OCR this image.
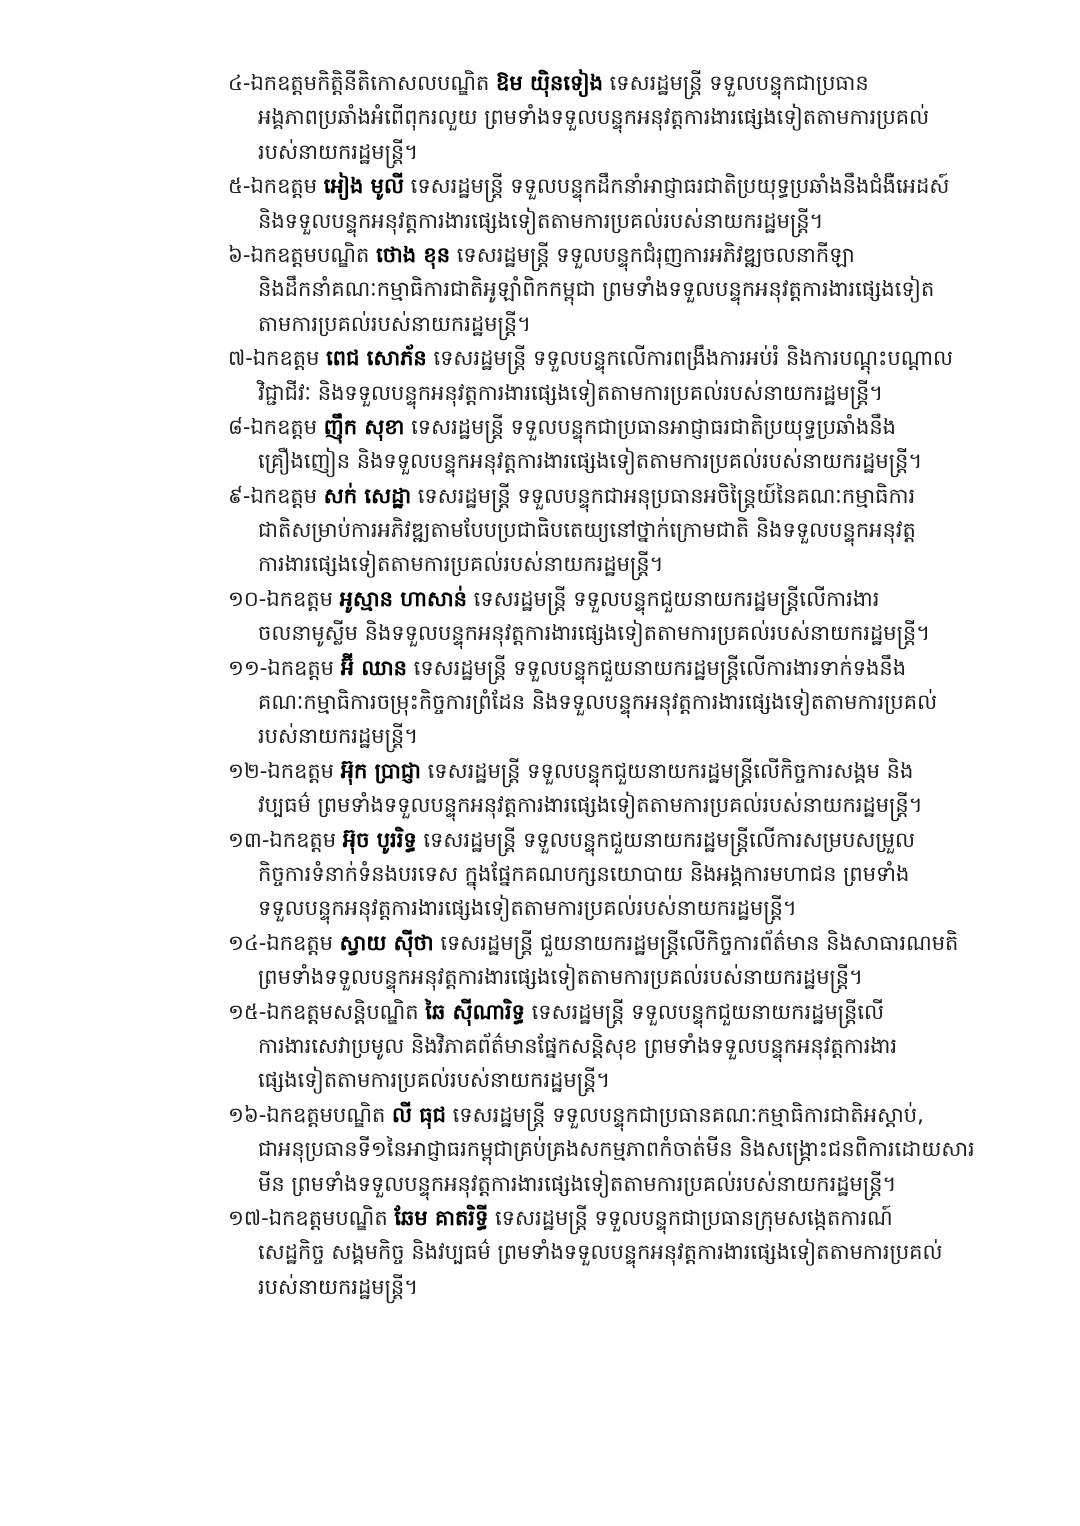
៤-ឯកឧត្ដមកិត្តិនីតិកោសលបណ្ឌិត ឱម យ៉ិនទៀង ទេសរដ្ឋមន្ត្រី ទទួលបន្ទុកជាប្រធាន
អង្គភាពប្រឆាំងអំពើពុករលួយ ព្រមទាំងទទួលបន្ទុកអនុវត្តការងារផ្សេងទៀតតាមការប្រគល់
របស់នាយករដ្ឋមន្ត្រី។
៥-ឯកឧត្ដម អៀង មូលី ទេសរដ្ឋមន្ត្រី ទទួលបន្ទុកដឹកនាំអាជ្ញាធរជាតិប្រយុទ្ធប្រឆាំងនឹងជំងឺអេដស៍
និងទទួលបន្ទុកអនុវត្តការងារផ្សេងទៀតតាមការប្រគល់របស់នាយករដ្ឋមន្ត្រី។
៦-ឯកឧត្ដមបណ្ឌិត ថោង ខុន ទេសរដ្ឋមន្ត្រី ទទួលបន្ទុកជំរុញការអភិវឌ្ឍចលនាកីឡា
និងដឹកនាំគណៈកម្មាធិការជាតិអូឡាំពិកកម្ពុជា ព្រមទាំងទទួលបន្ទុកអនុវត្តការងារផ្សេងទៀត
តាមការប្រគល់របស់នាយករដ្ឋមន្ត្រី។
៧-ឯកឧត្ដម ពេជ សោភ័ន ទេសរដ្ឋមន្ត្រី ទទួលបន្ទុកលើការពង្រឹងការអប់រំ និងការបណ្ដុះបណ្ដាល
វិជ្ជាជីវៈ និងទទួលបន្ទុកអនុវត្តការងារផ្សេងទៀតតាមការប្រគល់របស់នាយករដ្ឋមន្ត្រី។
៨-ឯកឧត្ដម ញ៉ឹក សុខា ទេសរដ្ឋមន្ត្រី ទទួលបន្ទុកជាប្រធានអាជ្ញាធរជាតិប្រយុទ្ធប្រឆាំងនឹង
គ្រឿងញៀន និងទទួលបន្ទុកអនុវត្តការងារផ្សេងទៀតតាមការប្រគល់របស់នាយករដ្ឋមន្ត្រី។
៩-ឯកឧត្ដម សក់ សេដ្ឋា ទេសរដ្ឋមន្ត្រី ទទួលបន្ទុកជាអនុប្រធានអចិន្ត្រៃយ៍នៃគណៈកម្មាធិការ
ជាតិសម្រាប់ការអភិវឌ្ឍតាមបែបប្រជាធិបតេយ្យនៅថ្នាក់ក្រោមជាតិ និងទទួលបន្ទុកអនុវត្ត
ការងារផ្សេងទៀតតាមការប្រគល់របស់នាយករដ្ឋមន្ត្រី។
១០-ឯកឧត្ដម អូស្មាន ហាសាន់ ទេសរដ្ឋមន្ត្រី ទទួលបន្ទុកជួយនាយករដ្ឋមន្ត្រីលើការងារ
ចលនាមូស្លីម និងទទួលបន្ទុកអនុវត្តការងារផ្សេងទៀតតាមការប្រគល់របស់នាយករដ្ឋមន្ត្រី។
១១-ឯកឧត្ដម អ៊ី ឈាន ទេសរដ្ឋមន្ត្រី ទទួលបន្ទុកជួយនាយករដ្ឋមន្ត្រីលើការងារទាក់ទងនឹង
គណៈកម្មាធិការចម្រុះកិច្ចការព្រំដែន និងទទួលបន្ទុកអនុវត្តការងារផ្សេងទៀតតាមការប្រគល់
របស់នាយករដ្ឋមន្ត្រី។
១២-ឯកឧត្ដម អ៊ុក ប្រាជ្ញា ទេសរដ្ឋមន្ត្រី ទទួលបន្ទុកជួយនាយករដ្ឋមន្ត្រីលើកិច្ចការសង្គម និង
វប្បធម៌ ព្រមទាំងទទួលបន្ទុកអនុវត្តការងារផ្សេងទៀតតាមការប្រគល់របស់នាយករដ្ឋមន្ត្រី។
១៣-ឯកឧត្ដម អ៊ុច បូររិទ្ធ ទេសរដ្ឋមន្ត្រី ទទួលបន្ទុកជួយនាយករដ្ឋមន្ត្រីលើការសម្របសម្រួល
កិច្ចការទំនាក់ទំនងបរទេស ក្នុងផ្នែកគណបក្សនយោបាយ និងអង្គការមហាជន ព្រមទាំង
ទទួលបន្ទុកអនុវត្តការងារផ្សេងទៀតតាមការប្រគល់របស់នាយករដ្ឋមន្ត្រី។
១៤-ឯកឧត្ដម ស្វាយ ស៊ីថា ទេសរដ្ឋមន្ត្រី ជួយនាយករដ្ឋមន្ត្រីលើកិច្ចការព័ត៌មាន និងសាធារណមតិ
ព្រមទាំងទទួលបន្ទុកអនុវត្តការងារផ្សេងទៀតតាមការប្រគល់របស់នាយករដ្ឋមន្ត្រី។
១៥-ឯកឧត្ដមសន្តិបណ្ឌិត ឆៃ ស៊ីណារិទ្ធ ទេសរដ្ឋមន្ត្រី ទទួលបន្ទុកជួយនាយករដ្ឋមន្ត្រីលើ
ការងារសេវាប្រមូល និងវិភាគព័ត៌មានផ្នែកសន្តិសុខ ព្រមទាំងទទួលបន្ទុកអនុវត្តការងារ
ផ្សេងទៀតតាមការប្រគល់របស់នាយករដ្ឋមន្ត្រី។
១៦-ឯកឧត្ដមបណ្ឌិត លី ធុជ ទេសរដ្ឋមន្ត្រី ទទួលបន្ទុកជាប្រធានគណៈកម្មាធិការជាតិអស្ដាប់,
ជាអនុប្រធានទី១នៃអាជ្ញាធរកម្ពុជាគ្រប់គ្រងសកម្មភាពកំចាត់មីន និងសង្គ្រោះជនពិការដោយសារ
មីន ព្រមទាំងទទួលបន្ទុកអនុវត្តការងារផ្សេងទៀតតាមការប្រគល់របស់នាយករដ្ឋមន្ត្រី។
១៧-ឯកឧត្ដមបណ្ឌិត ឆែម គាតរិទ្ធី ទេសរដ្ឋមន្ត្រី ទទួលបន្ទុកជាប្រធានក្រុមសង្កេតការណ៍
សេដ្ឋកិច្ច សង្គមកិច្ច និងវប្បធម៌ ព្រមទាំងទទួលបន្ទុកអនុវត្តការងារផ្សេងទៀតតាមការប្រគល់
របស់នាយករដ្ឋមន្ត្រី។
